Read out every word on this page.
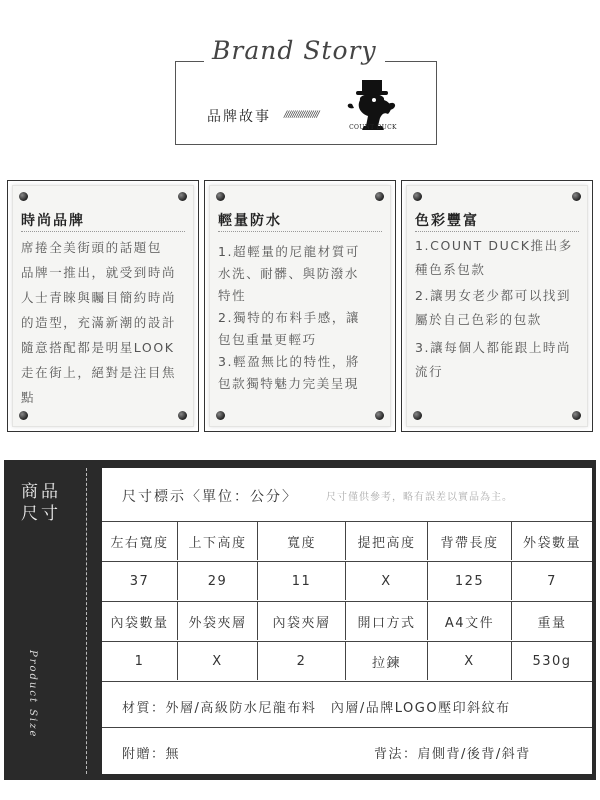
Brand Story
品牌故事 /////////////////
COUNT DUCK
時尚品牌
席捲全美街頭的話題包
品牌一推出，就受到時尚
人士青睞與矚目簡約時尚
的造型，充滿新潮的設計
隨意搭配都是明星LOOK
走在街上，絕對是注目焦
點
輕量防水
1.超輕量的尼龍材質可
水洗、耐髒、與防潑水
特性
2.獨特的布料手感，讓
包包重量更輕巧
3.輕盈無比的特性，將
包款獨特魅力完美呈現
色彩豐富
1.COUNT DUCK推出多
種色系包款
2.讓男女老少都可以找到
屬於自己色彩的包款
3.讓每個人都能跟上時尚
流行
商品
尺寸
Product Size
尺寸標示〈單位：公分〉	尺寸僅供參考，略有誤差以實品為主。
左右寬度	上下高度	寬度	提把高度	背帶長度	外袋數量
37	29	11	X	125	7
內袋數量	外袋夾層	內袋夾層	開口方式	A4文件	重量
1	X	2	拉鍊	X	530g
材質：外層/高級防水尼龍布料　內層/品牌LOGO壓印斜紋布
附贈：無	背法：肩側背/後背/斜背
